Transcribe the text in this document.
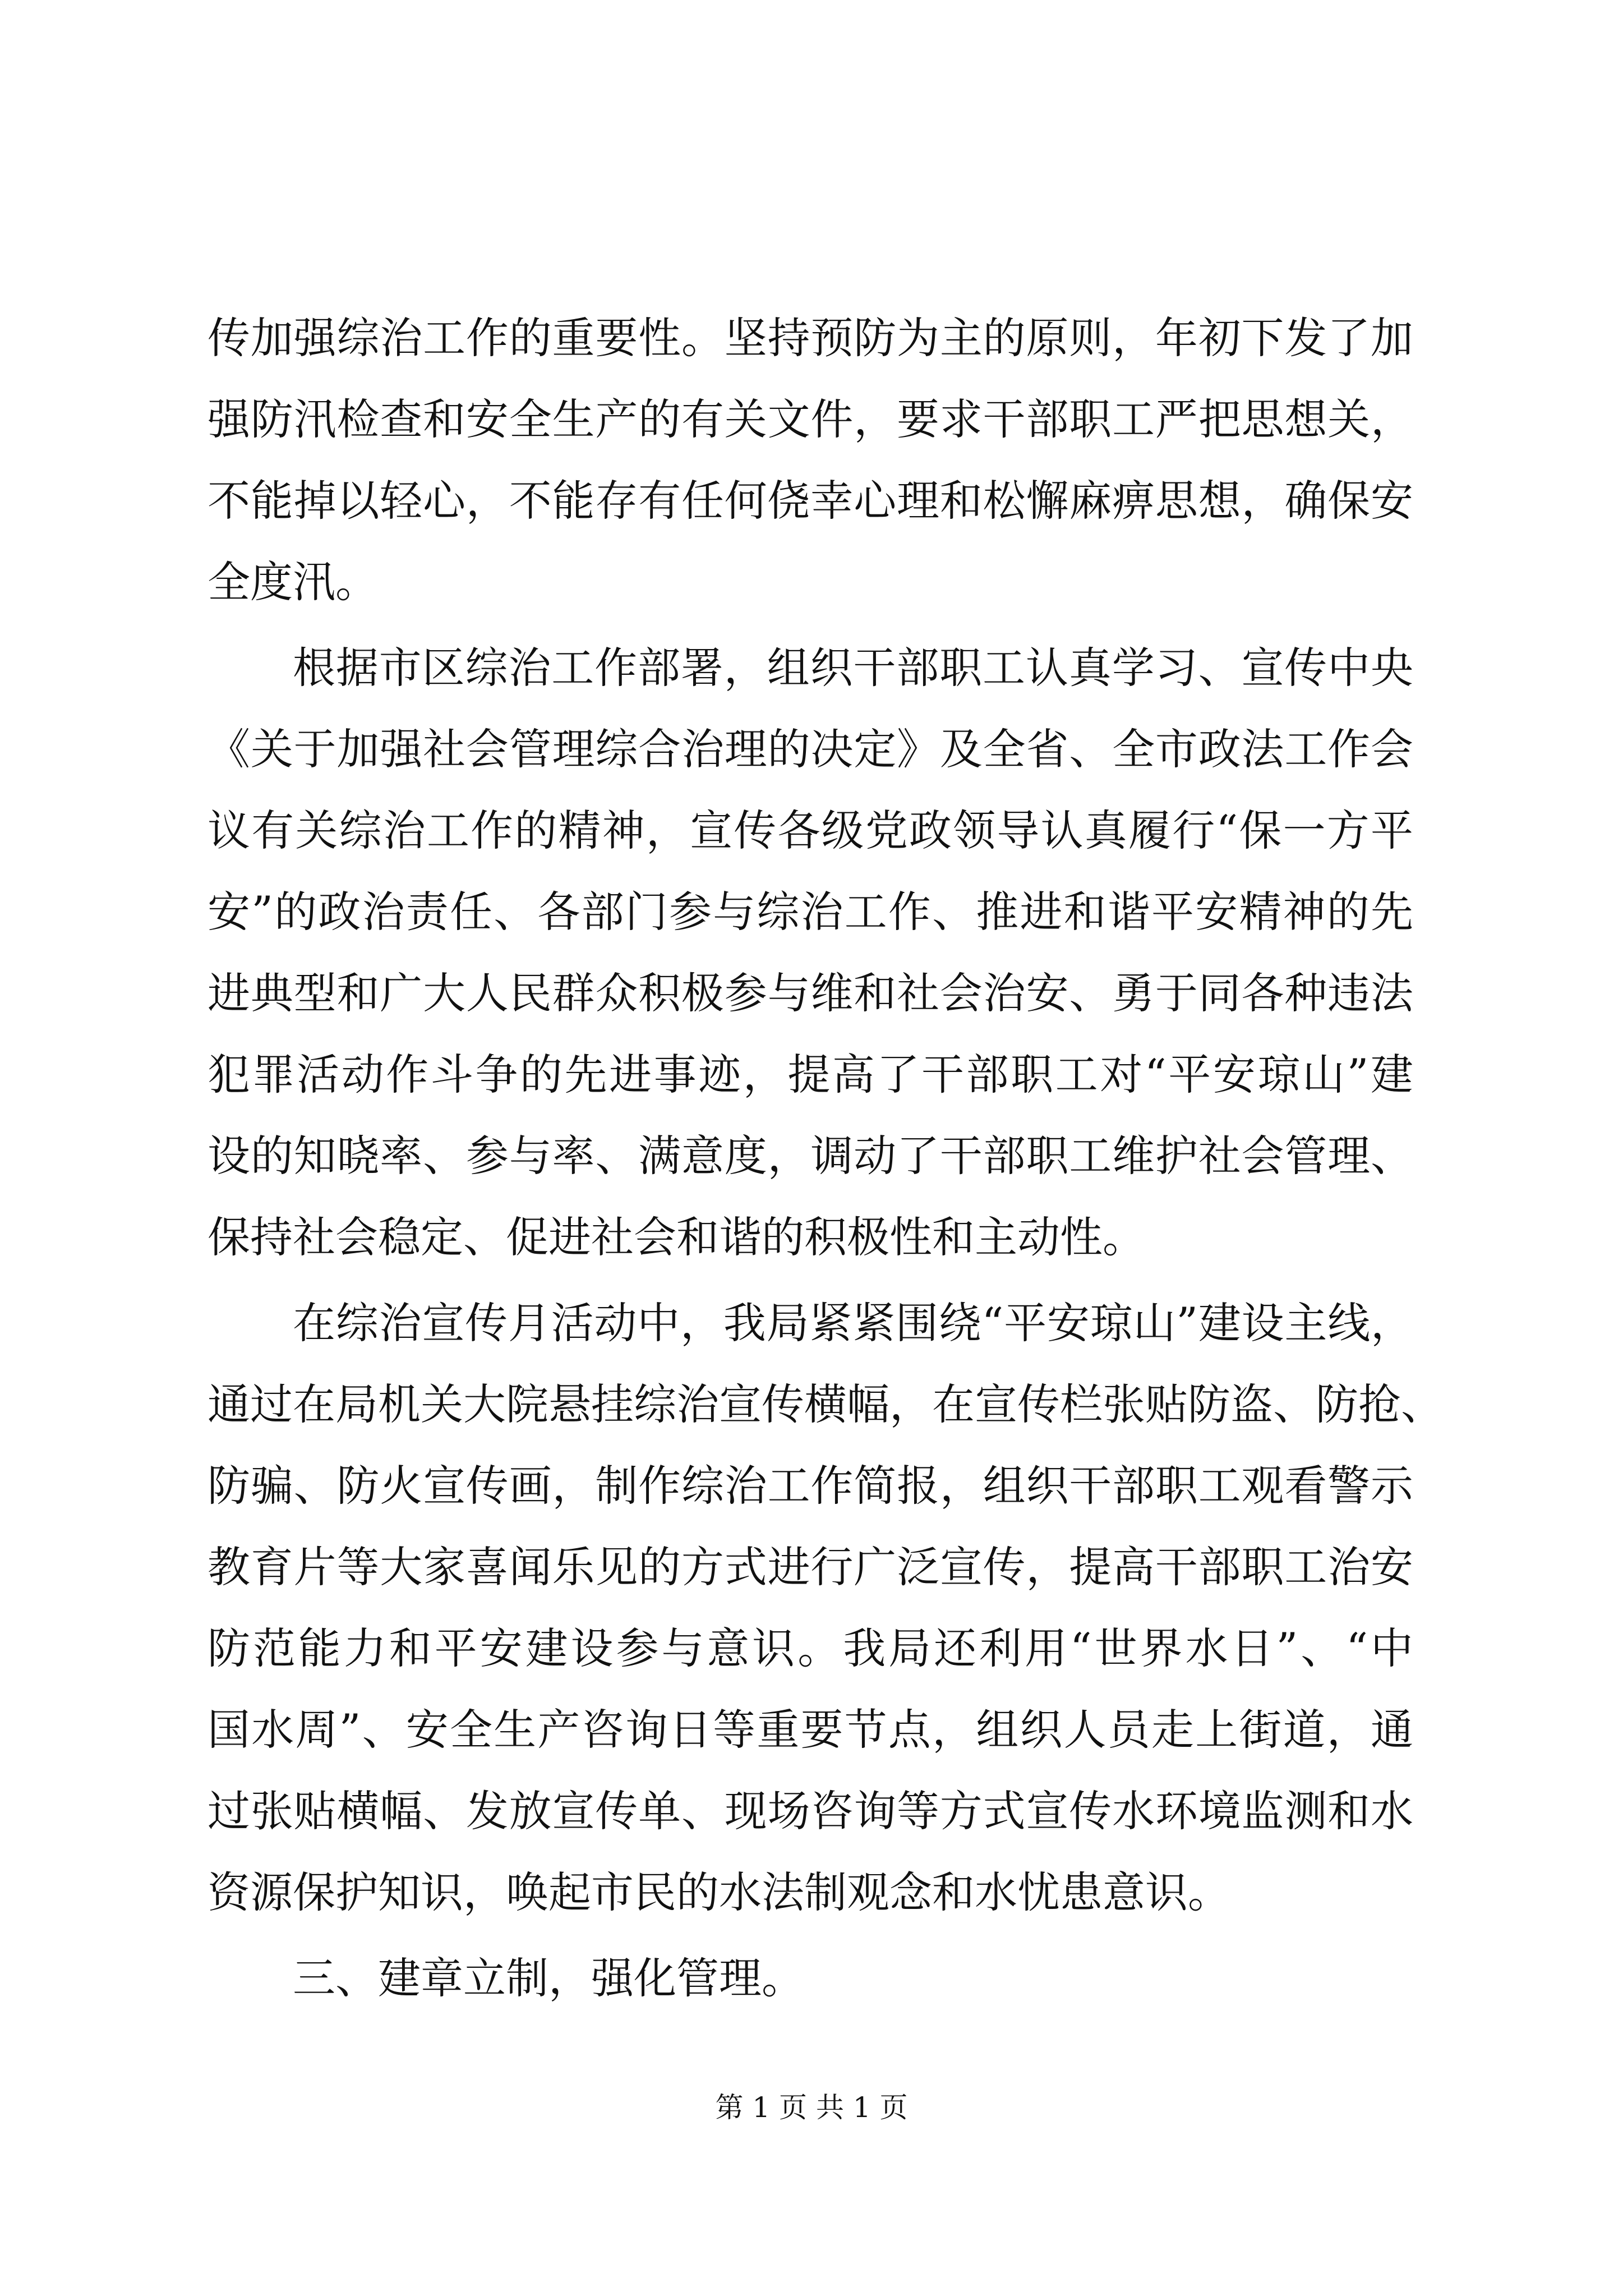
传加强综治工作的重要性。坚持预防为主的原则，年初下发了加
强防汛检查和安全生产的有关文件，要求干部职工严把思想关，
不能掉以轻心，不能存有任何侥幸心理和松懈麻痹思想，确保安
全度汛。
根据市区综治工作部署，组织干部职工认真学习、宣传中央
《关于加强社会管理综合治理的决定》及全省、全市政法工作会
议有关综治工作的精神，宣传各级党政领导认真履行“保一方平
安”的政治责任、各部门参与综治工作、推进和谐平安精神的先
进典型和广大人民群众积极参与维和社会治安、勇于同各种违法
犯罪活动作斗争的先进事迹，提高了干部职工对“平安琼山”建
设的知晓率、参与率、满意度，调动了干部职工维护社会管理、
保持社会稳定、促进社会和谐的积极性和主动性。
在综治宣传月活动中，我局紧紧围绕“平安琼山”建设主线，
通过在局机关大院悬挂综治宣传横幅，在宣传栏张贴防盗、防抢、
防骗、防火宣传画，制作综治工作简报，组织干部职工观看警示
教育片等大家喜闻乐见的方式进行广泛宣传，提高干部职工治安
防范能力和平安建设参与意识。我局还利用“世界水日”、“中
国水周”、安全生产咨询日等重要节点，组织人员走上街道，通
过张贴横幅、发放宣传单、现场咨询等方式宣传水环境监测和水
资源保护知识，唤起市民的水法制观念和水忧患意识。
三、建章立制，强化管理。
第 1 页 共 1 页
